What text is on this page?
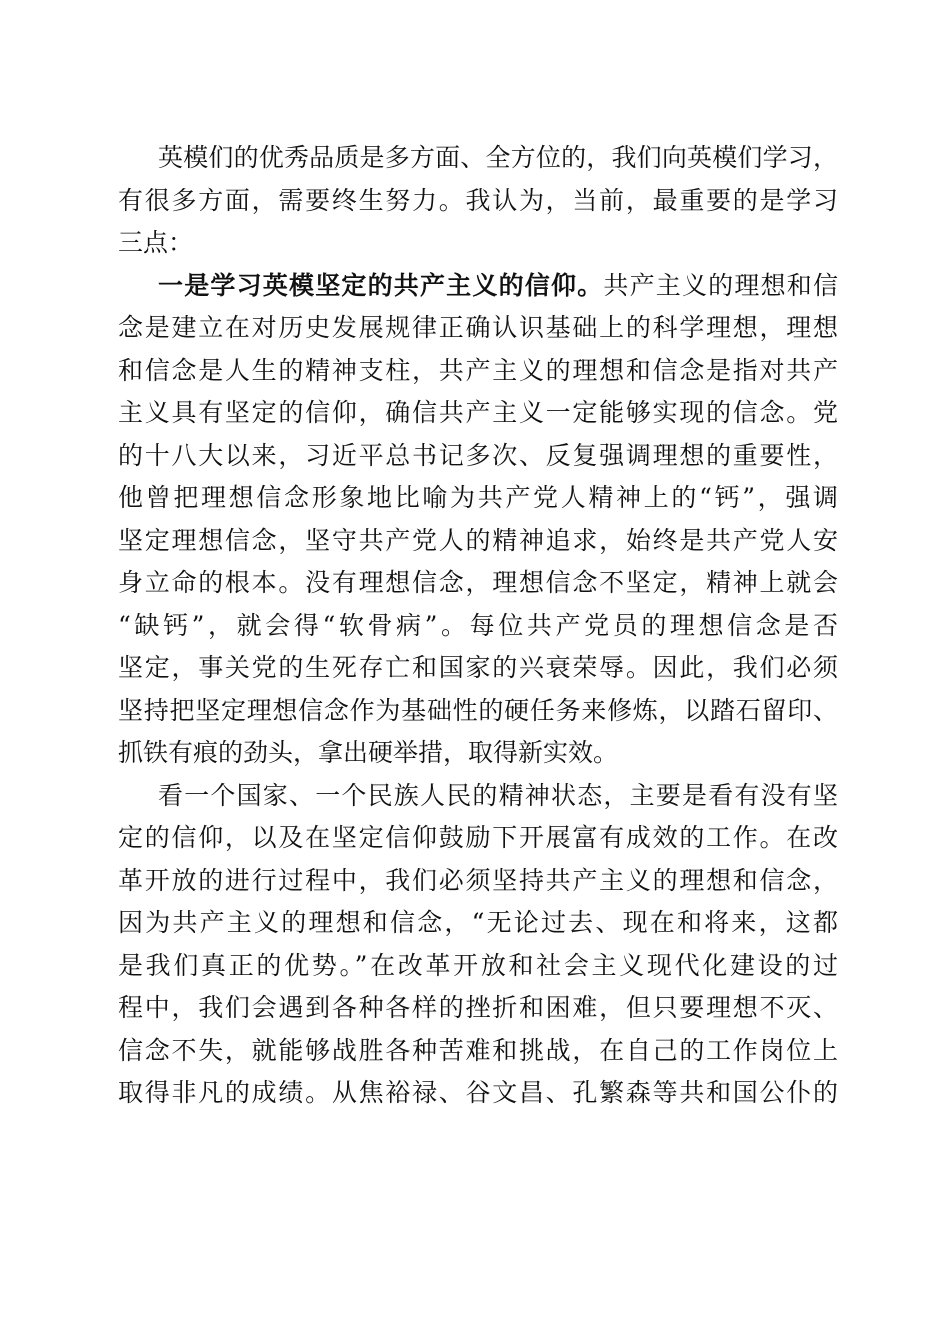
英模们的优秀品质是多方面、全方位的，我们向英模们学习，
有很多方面，需要终生努力。我认为，当前，最重要的是学习
三点：
一是学习英模坚定的共产主义的信仰。共产主义的理想和信
念是建立在对历史发展规律正确认识基础上的科学理想，理想
和信念是人生的精神支柱，共产主义的理想和信念是指对共产
主义具有坚定的信仰，确信共产主义一定能够实现的信念。党
的十八大以来，习近平总书记多次、反复强调理想的重要性，
他曾把理想信念形象地比喻为共产党人精神上的“钙”，强调
坚定理想信念，坚守共产党人的精神追求，始终是共产党人安
身立命的根本。没有理想信念，理想信念不坚定，精神上就会
“缺钙”，就会得“软骨病”。每位共产党员的理想信念是否
坚定，事关党的生死存亡和国家的兴衰荣辱。因此，我们必须
坚持把坚定理想信念作为基础性的硬任务来修炼，以踏石留印、
抓铁有痕的劲头，拿出硬举措，取得新实效。
看一个国家、一个民族人民的精神状态，主要是看有没有坚
定的信仰，以及在坚定信仰鼓励下开展富有成效的工作。在改
革开放的进行过程中，我们必须坚持共产主义的理想和信念，
因为共产主义的理想和信念，“无论过去、现在和将来，这都
是我们真正的优势。”在改革开放和社会主义现代化建设的过
程中，我们会遇到各种各样的挫折和困难，但只要理想不灭、
信念不失，就能够战胜各种苦难和挑战，在自己的工作岗位上
取得非凡的成绩。从焦裕禄、谷文昌、孔繁森等共和国公仆的
